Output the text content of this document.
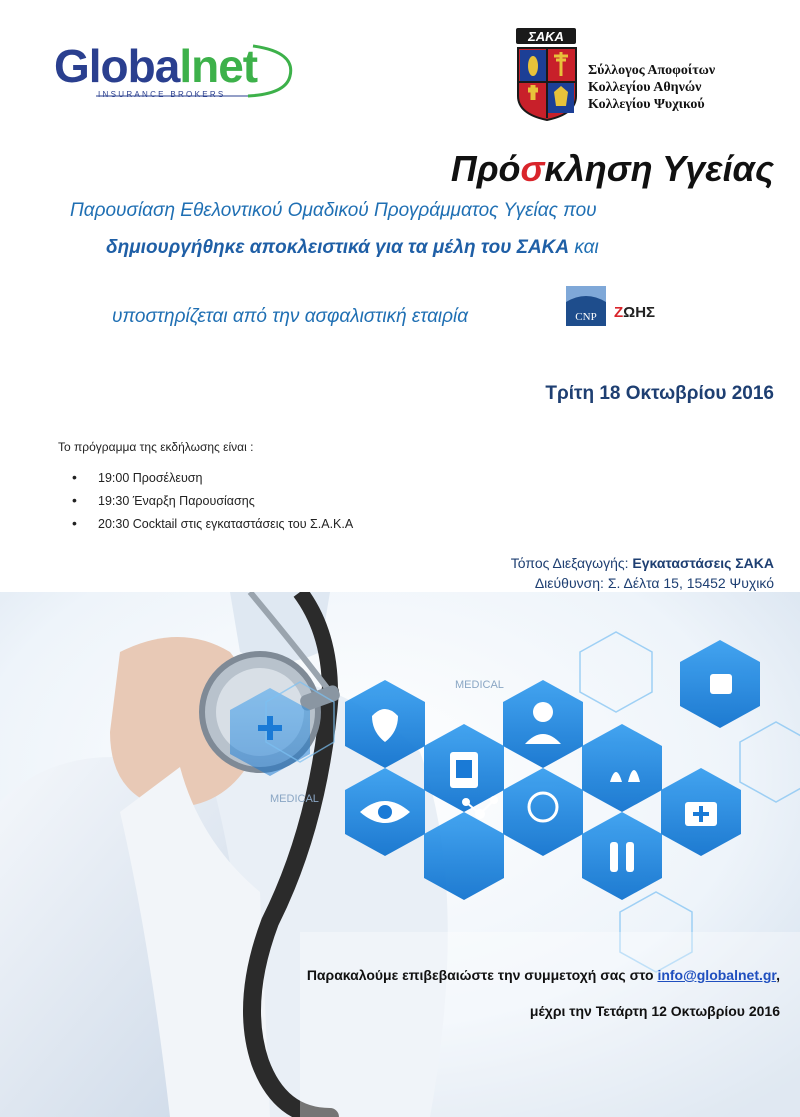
Globalnet
INSURANCE BROKERS
ΣΑΚΑ
Σύλλογος Αποφοίτων
Κολλεγίου Αθηνών
Κολλεγίου Ψυχικού
Πρόσκληση Υγείας
Παρουσίαση Εθελοντικού Ομαδικού Προγράμματος Υγείας που
δημιουργήθηκε αποκλειστικά για τα μέλη του ΣΑΚΑ και
υποστηρίζεται από την ασφαλιστική εταιρία	CNP ΖΩΗΣ
Τρίτη 18 Οκτωβρίου 2016
Το πρόγραμμα της εκδήλωσης είναι :
• 19:00 Προσέλευση
• 19:30 Έναρξη Παρουσίασης
• 20:30 Cocktail στις εγκαταστάσεις του Σ.Α.Κ.Α
Τόπος Διεξαγωγής: Εγκαταστάσεις ΣΑΚΑ
Διεύθυνση: Σ. Δέλτα 15, 15452 Ψυχικό
MEDICAL
MEDICAL
Παρακαλούμε επιβεβαιώστε την συμμετοχή σας στο info@globalnet.gr,
μέχρι την Τετάρτη 12 Οκτωβρίου 2016
